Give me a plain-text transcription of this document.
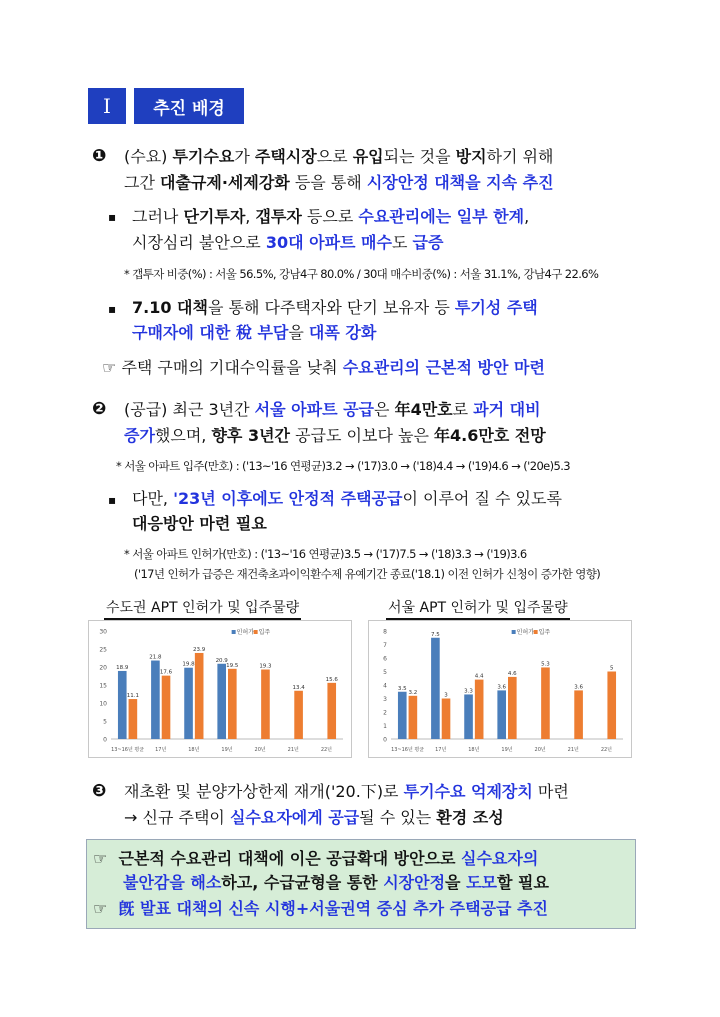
Ⅰ	추진 배경
❶ (수요) 투기수요가 주택시장으로 유입되는 것을 방지하기 위해
그간 대출규제·세제강화 등을 통해 시장안정 대책을 지속 추진
▪ 그러나 단기투자, 갭투자 등으로 수요관리에는 일부 한계,
시장심리 불안으로 30대 아파트 매수도 급증
* 갭투자 비중(%) : 서울 56.5%, 강남4구 80.0% / 30대 매수비중(%) : 서울 31.1%, 강남4구 22.6%
▪ 7.10 대책을 통해 다주택자와 단기 보유자 등 투기성 주택
구매자에 대한 稅 부담을 대폭 강화
☞ 주택 구매의 기대수익률을 낮춰 수요관리의 근본적 방안 마련
❷ (공급) 최근 3년간 서울 아파트 공급은 年4만호로 과거 대비
증가했으며, 향후 3년간 공급도 이보다 높은 年4.6만호 전망
* 서울 아파트 입주(만호) : ('13~'16 연평균)3.2 → ('17)3.0 → ('18)4.4 → ('19)4.6 → ('20e)5.3
▪ 다만, '23년 이후에도 안정적 주택공급이 이루어 질 수 있도록
대응방안 마련 필요
* 서울 아파트 인허가(만호) : ('13~'16 연평균)3.5 → ('17)7.5 → ('18)3.3 → ('19)3.6
('17년 인허가 급증은 재건축초과이익환수제 유예기간 종료('18.1) 이전 인허가 신청이 증가한 영향)
수도권 APT 인허가 및 입주물량	서울 APT 인허가 및 입주물량
0
5
10
15
20
25
30	인허가 입주
13~16년 평균
18.9
11.1
17년
21.8
17.6
18년
19.8
23.9
19년
20.9
19.5
20년
19.3
21년
13.4
22년
15.6
0
1
2
3
4
5
6
7
8	인허가 입주
13~16년 평균
3.5
3.2
17년
7.5
3
18년
3.3
4.4
19년
3.6
4.6
20년
5.3
21년
3.6
22년
5
❸ 재초환 및 분양가상한제 재개('20.下)로 투기수요 억제장치 마련
→ 신규 주택이 실수요자에게 공급될 수 있는 환경 조성
☞ 근본적 수요관리 대책에 이은 공급확대 방안으로 실수요자의
불안감을 해소하고, 수급균형을 통한 시장안정을 도모할 필요
☞ 旣 발표 대책의 신속 시행+서울권역 중심 추가 주택공급 추진
